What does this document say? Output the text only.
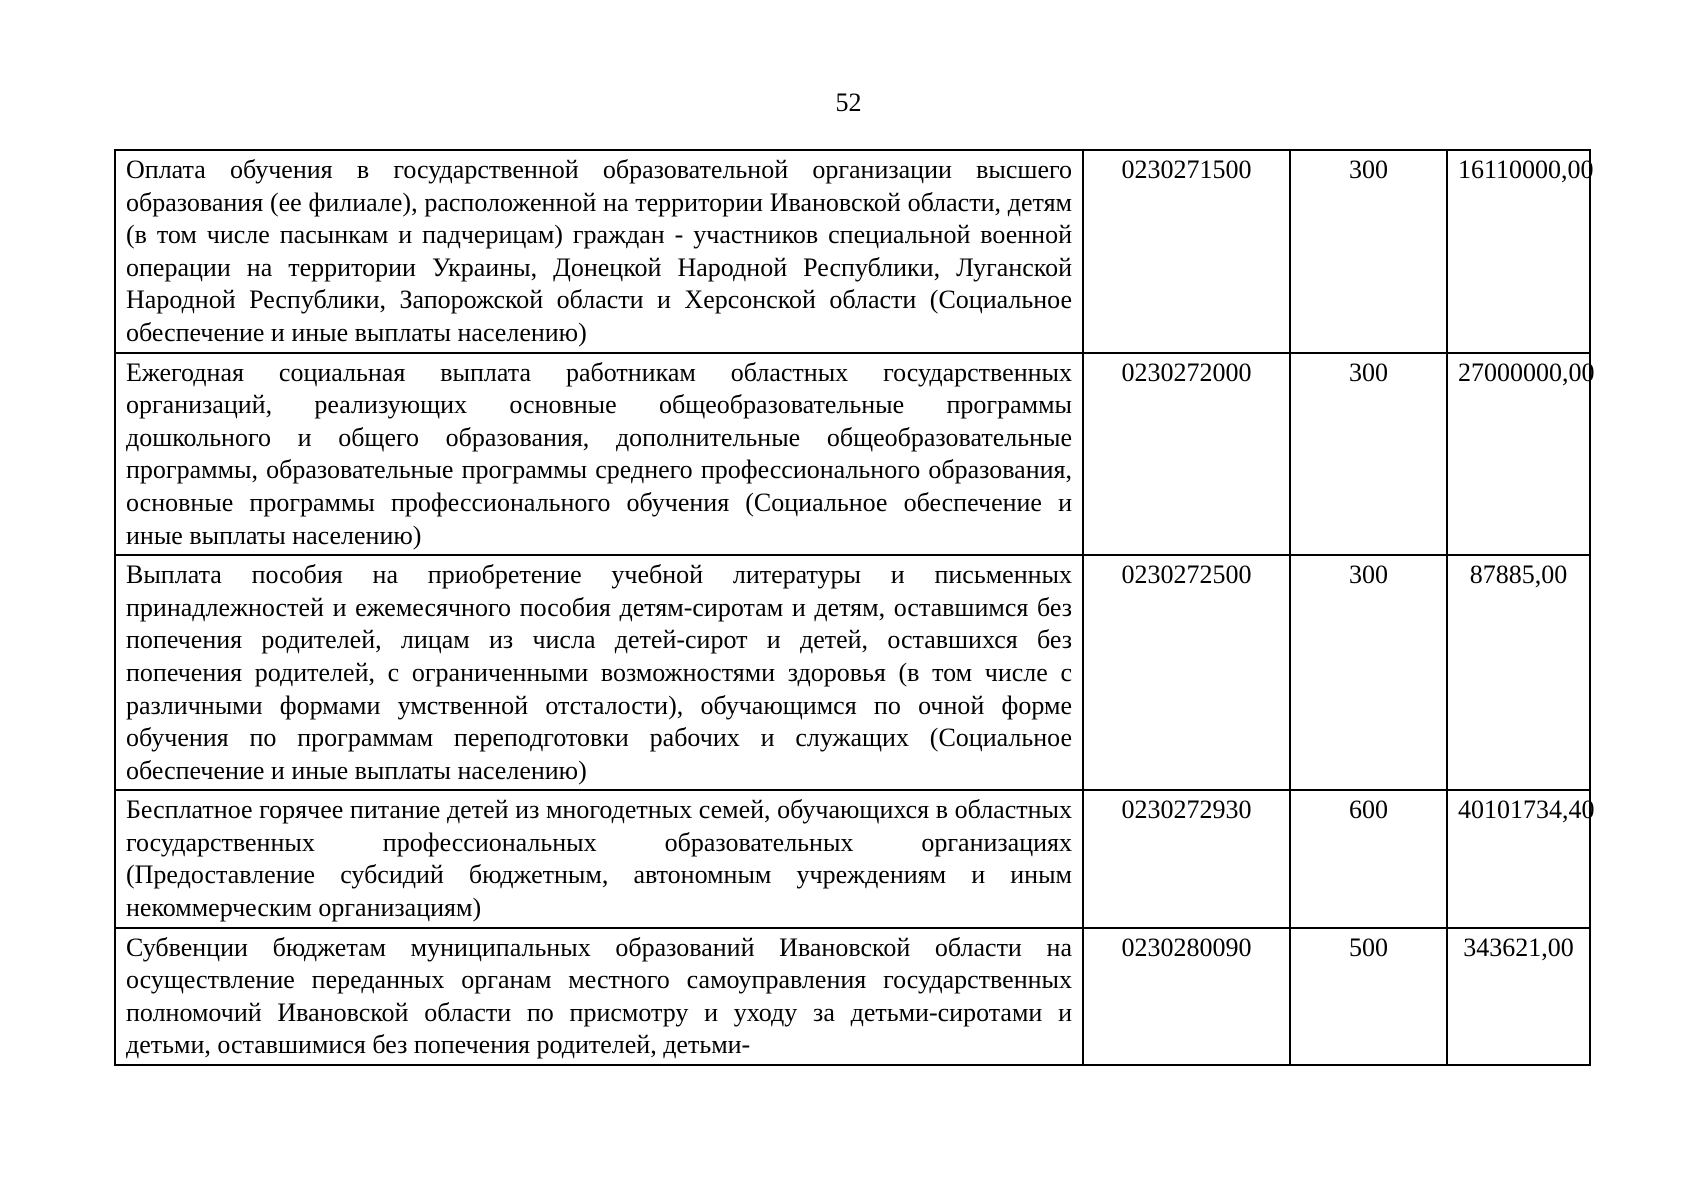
52
Оплата обучения в государственной образовательной организации высшего образования (ее филиале), расположенной на территории Ивановской области, детям (в том числе пасынкам и падчерицам) граждан - участников специальной военной операции на территории Украины, Донецкой Народной Республики, Луганской Народной Республики, Запорожской области и Херсонской области (Социальное обеспечение и иные выплаты населению)	0230271500	300	16110000,00
Ежегодная социальная выплата работникам областных государственных организаций, реализующих основные общеобразовательные программы дошкольного и общего образования, дополнительные общеобразовательные программы, образовательные программы среднего профессионального образования, основные программы профессионального обучения (Социальное обеспечение и иные выплаты населению)	0230272000	300	27000000,00
Выплата пособия на приобретение учебной литературы и письменных принадлежностей и ежемесячного пособия детям-сиротам и детям, оставшимся без попечения родителей, лицам из числа детей-сирот и детей, оставшихся без попечения родителей, с ограниченными возможностями здоровья (в том числе с различными формами умственной отсталости), обучающимся по очной форме обучения по программам переподготовки рабочих и служащих (Социальное обеспечение и иные выплаты населению)	0230272500	300	87885,00
Бесплатное горячее питание детей из многодетных семей, обучающихся в областных государственных профессиональных образовательных организациях (Предоставление субсидий бюджетным, автономным учреждениям и иным некоммерческим организациям)	0230272930	600	40101734,40
Субвенции бюджетам муниципальных образований Ивановской области на осуществление переданных органам местного самоуправления государственных полномочий Ивановской области по присмотру и уходу за детьми-сиротами и детьми, оставшимися без попечения родителей, детьми-	0230280090	500	343621,00
